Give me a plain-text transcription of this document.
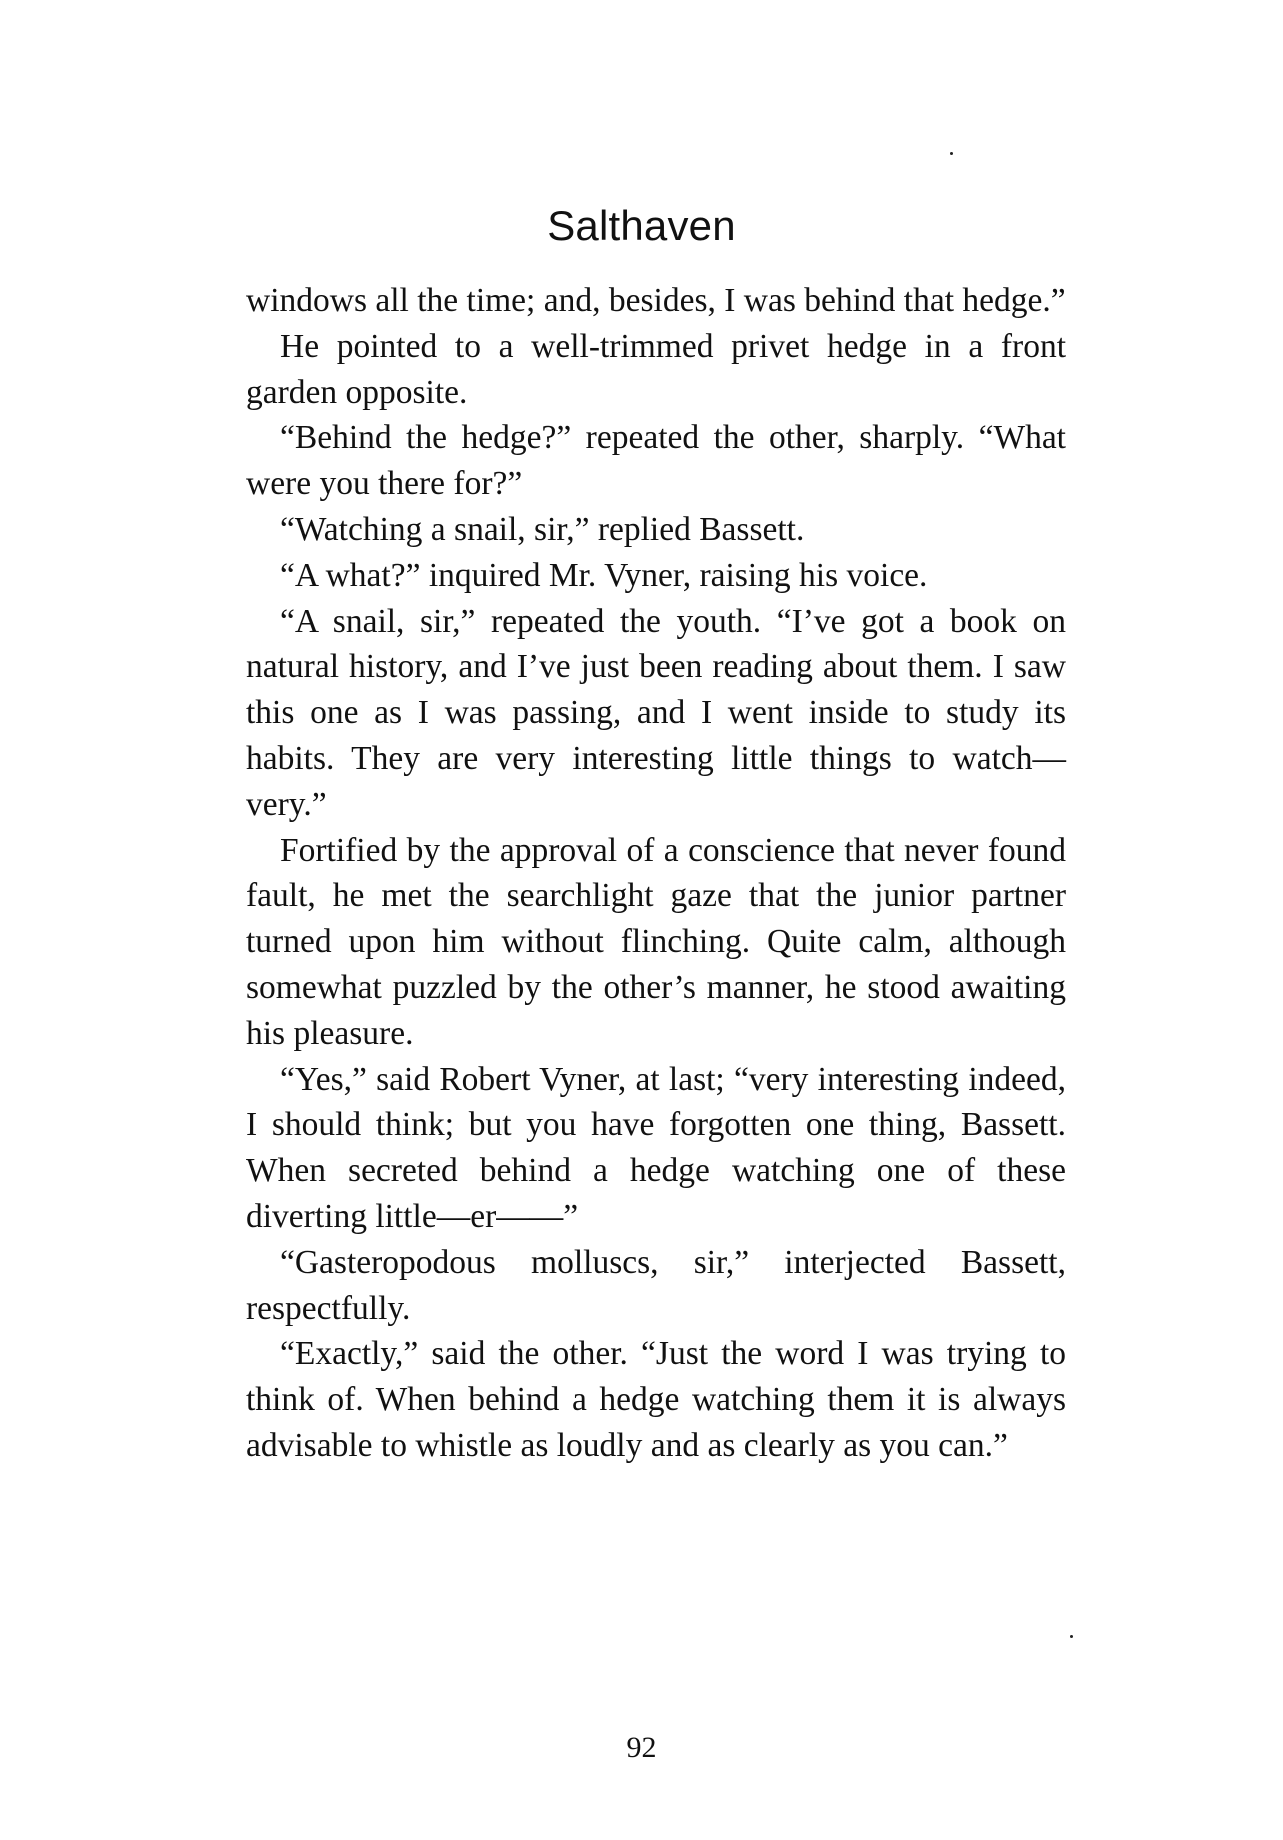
Salthaven

windows all the time; and, besides, I was behind that hedge.”

He pointed to a well-trimmed privet hedge in a front garden opposite.

“Behind the hedge?” repeated the other, sharply. “What were you there for?”

“Watching a snail, sir,” replied Bassett.

“A what?” inquired Mr. Vyner, raising his voice.

“A snail, sir,” repeated the youth. “I’ve got a book on natural history, and I’ve just been reading about them. I saw this one as I was passing, and I went inside to study its habits. They are very interesting little things to watch—very.”

Fortified by the approval of a conscience that never found fault, he met the searchlight gaze that the junior partner turned upon him without flinching. Quite calm, although somewhat puzzled by the other’s manner, he stood awaiting his pleasure.

“Yes,” said Robert Vyner, at last; “very interesting indeed, I should think; but you have forgotten one thing, Bassett. When secreted behind a hedge watching one of these diverting little—er——”

“Gasteropodous molluscs, sir,” interjected Bassett, respectfully.

“Exactly,” said the other. “Just the word I was trying to think of. When behind a hedge watching them it is always advisable to whistle as loudly and as clearly as you can.”

92
